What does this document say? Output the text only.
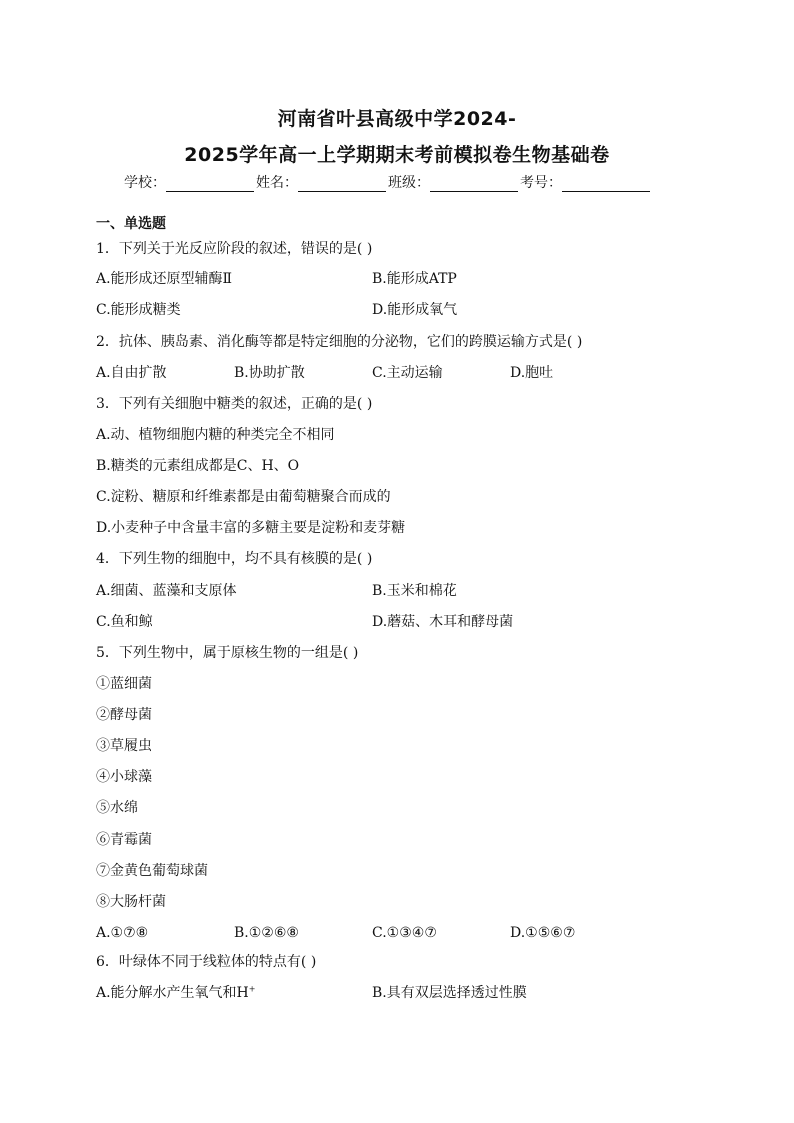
河南省叶县高级中学2024-
2025学年高一上学期期末考前模拟卷生物基础卷
学校：	姓名：	班级：	考号：
一、单选题
1．下列关于光反应阶段的叙述，错误的是( )
A.能形成还原型辅酶Ⅱ	B.能形成ATP
C.能形成糖类	D.能形成氧气
2．抗体、胰岛素、消化酶等都是特定细胞的分泌物，它们的跨膜运输方式是( )
A.自由扩散	B.协助扩散	C.主动运输	D.胞吐
3．下列有关细胞中糖类的叙述，正确的是( )
A.动、植物细胞内糖的种类完全不相同
B.糖类的元素组成都是C、H、O
C.淀粉、糖原和纤维素都是由葡萄糖聚合而成的
D.小麦种子中含量丰富的多糖主要是淀粉和麦芽糖
4．下列生物的细胞中，均不具有核膜的是( )
A.细菌、蓝藻和支原体	B.玉米和棉花
C.鱼和鲸	D.蘑菇、木耳和酵母菌
5．下列生物中，属于原核生物的一组是( )
①蓝细菌
②酵母菌
③草履虫
④小球藻
⑤水绵
⑥青霉菌
⑦金黄色葡萄球菌
⑧大肠杆菌
A.①⑦⑧	B.①②⑥⑧	C.①③④⑦	D.①⑤⑥⑦
6．叶绿体不同于线粒体的特点有( )
A.能分解水产生氧气和H+	B.具有双层选择透过性膜
